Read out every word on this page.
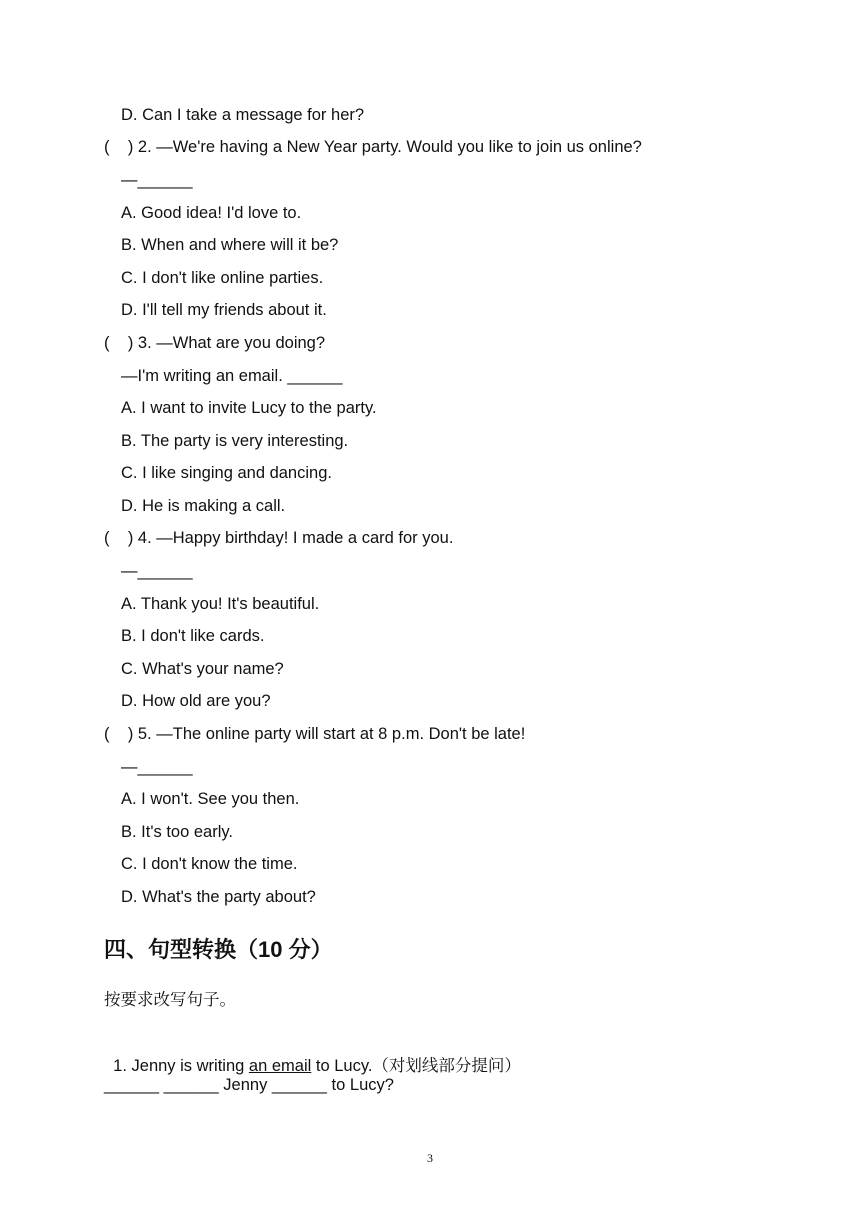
D. Can I take a message for her?
(    ) 2. —We're having a New Year party. Would you like to join us online?
—______
A. Good idea! I'd love to.
B. When and where will it be?
C. I don't like online parties.
D. I'll tell my friends about it.
(    ) 3. —What are you doing?
—I'm writing an email. ______
A. I want to invite Lucy to the party.
B. The party is very interesting.
C. I like singing and dancing.
D. He is making a call.
(    ) 4. —Happy birthday! I made a card for you.
—______
A. Thank you! It's beautiful.
B. I don't like cards.
C. What's your name?
D. How old are you?
(    ) 5. —The online party will start at 8 p.m. Don't be late!
—______
A. I won't. See you then.
B. It's too early.
C. I don't know the time.
D. What's the party about?
四、句型转换（10 分）
按要求改写句子。

1. Jenny is writing an email to Lucy.（对划线部分提问）

______ ______ Jenny ______ to Lucy?
3
